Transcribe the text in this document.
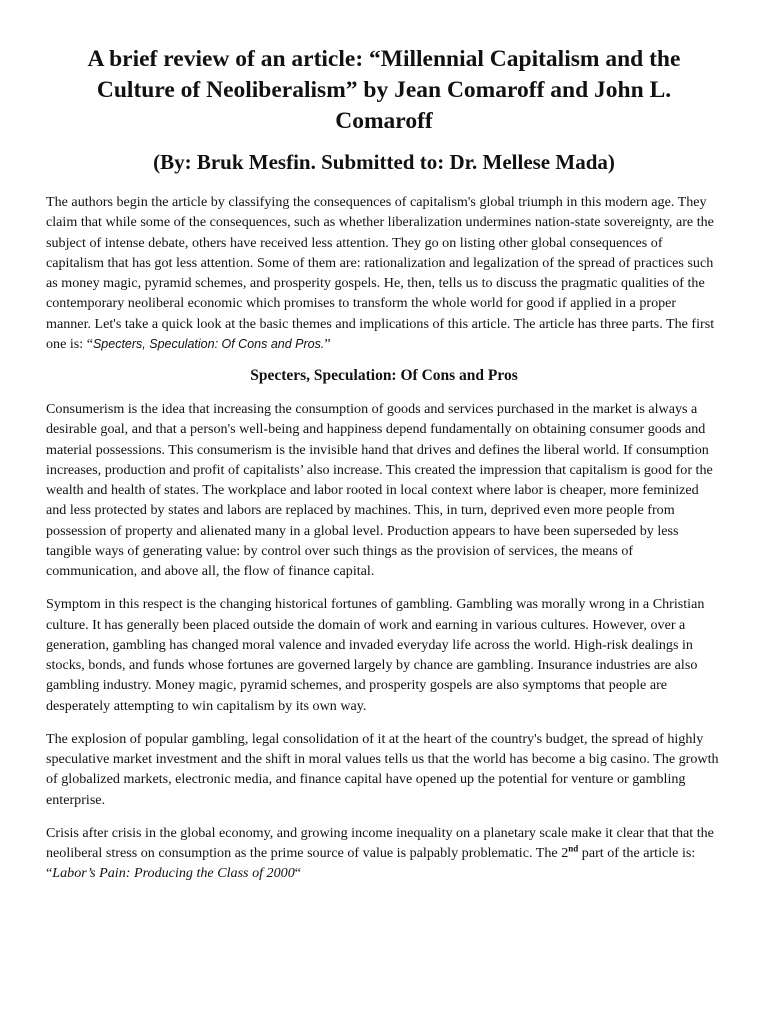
A brief review of an article: “Millennial Capitalism and the Culture of Neoliberalism” by Jean Comaroff and John L. Comaroff
(By: Bruk Mesfin. Submitted to: Dr. Mellese Mada)

The authors begin the article by classifying the consequences of capitalism's global triumph in this modern age. They claim that while some of the consequences, such as whether liberalization undermines nation-state sovereignty, are the subject of intense debate, others have received less attention. They go on listing other global consequences of capitalism that has got less attention. Some of them are: rationalization and legalization of the spread of practices such as money magic, pyramid schemes, and prosperity gospels. He, then, tells us to discuss the pragmatic qualities of the contemporary neoliberal economic which promises to transform the whole world for good if applied in a proper manner. Let's take a quick look at the basic themes and implications of this article. The article has three parts. The first one is: “Specters, Speculation: Of Cons and Pros.”

Specters, Speculation: Of Cons and Pros

Consumerism is the idea that increasing the consumption of goods and services purchased in the market is always a desirable goal, and that a person's well-being and happiness depend fundamentally on obtaining consumer goods and material possessions. This consumerism is the invisible hand that drives and defines the liberal world. If consumption increases, production and profit of capitalists’ also increase. This created the impression that capitalism is good for the wealth and health of states. The workplace and labor rooted in local context where labor is cheaper, more feminized and less protected by states and labors are replaced by machines. This, in turn, deprived even more people from possession of property and alienated many in a global level. Production appears to have been superseded by less tangible ways of generating value: by control over such things as the provision of services, the means of communication, and above all, the flow of finance capital.

Symptom in this respect is the changing historical fortunes of gambling. Gambling was morally wrong in a Christian culture. It has generally been placed outside the domain of work and earning in various cultures. However, over a generation, gambling has changed moral valence and invaded everyday life across the world. High-risk dealings in stocks, bonds, and funds whose fortunes are governed largely by chance are gambling. Insurance industries are also gambling industry. Money magic, pyramid schemes, and prosperity gospels are also symptoms that people are desperately attempting to win capitalism by its own way.

The explosion of popular gambling, legal consolidation of it at the heart of the country's budget, the spread of highly speculative market investment and the shift in moral values tells us that the world has become a big casino. The growth of globalized markets, electronic media, and finance capital have opened up the potential for venture or gambling enterprise.

Crisis after crisis in the global economy, and growing income inequality on a planetary scale make it clear that that the neoliberal stress on consumption as the prime source of value is palpably problematic. The 2nd part of the article is: “Labor’s Pain: Producing the Class of 2000“
